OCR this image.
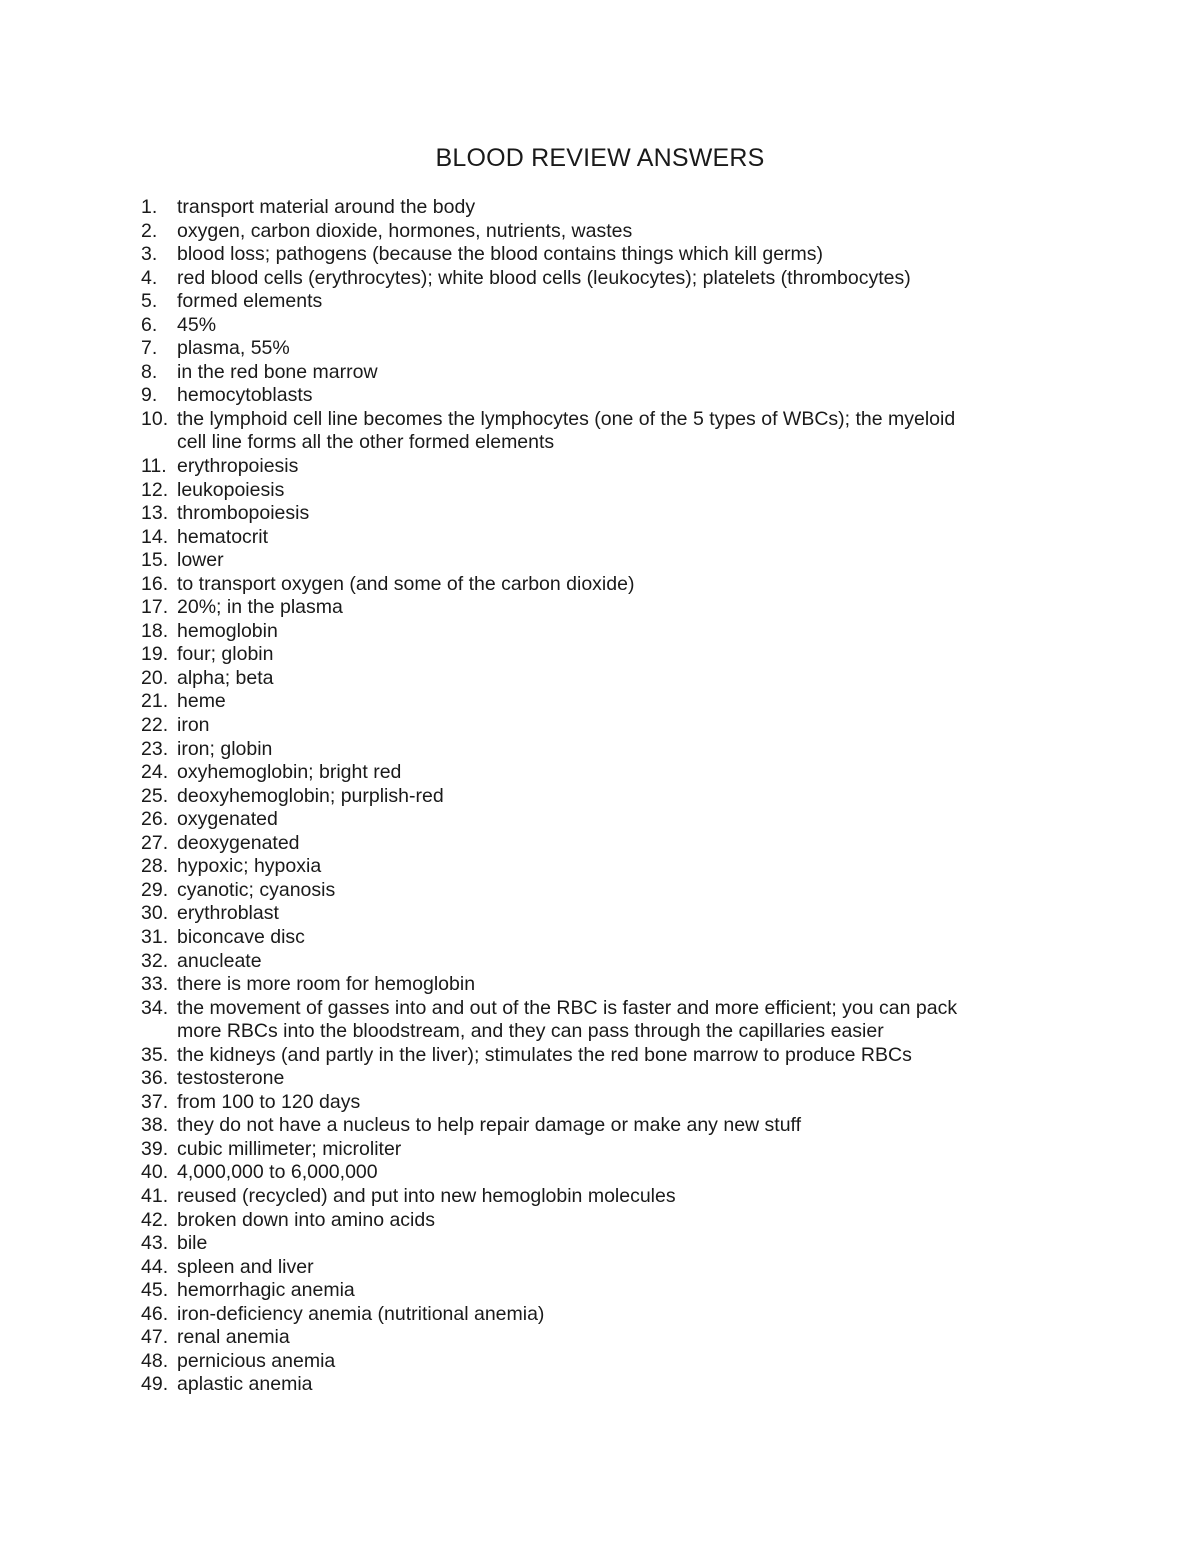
BLOOD REVIEW ANSWERS
1.	transport material around the body
2.	oxygen, carbon dioxide, hormones, nutrients, wastes
3.	blood loss; pathogens (because the blood contains things which kill germs)
4.	red blood cells (erythrocytes); white blood cells (leukocytes); platelets (thrombocytes)
5.	formed elements
6.	45%
7.	plasma, 55%
8.	in the red bone marrow
9.	hemocytoblasts
10. the lymphoid cell line becomes the lymphocytes (one of the 5 types of WBCs); the myeloid
cell line forms all the other formed elements
11. erythropoiesis
12. leukopoiesis
13. thrombopoiesis
14. hematocrit
15. lower
16. to transport oxygen (and some of the carbon dioxide)
17. 20%; in the plasma
18. hemoglobin
19. four; globin
20. alpha; beta
21. heme
22. iron
23. iron; globin
24. oxyhemoglobin; bright red
25. deoxyhemoglobin; purplish-red
26. oxygenated
27. deoxygenated
28. hypoxic; hypoxia
29. cyanotic; cyanosis
30. erythroblast
31. biconcave disc
32. anucleate
33. there is more room for hemoglobin
34. the movement of gasses into and out of the RBC is faster and more efficient; you can pack
more RBCs into the bloodstream, and they can pass through the capillaries easier
35. the kidneys (and partly in the liver); stimulates the red bone marrow to produce RBCs
36. testosterone
37. from 100 to 120 days
38. they do not have a nucleus to help repair damage or make any new stuff
39. cubic millimeter; microliter
40. 4,000,000 to 6,000,000
41. reused (recycled) and put into new hemoglobin molecules
42. broken down into amino acids
43. bile
44. spleen and liver
45. hemorrhagic anemia
46. iron-deficiency anemia (nutritional anemia)
47. renal anemia
48. pernicious anemia
49. aplastic anemia
